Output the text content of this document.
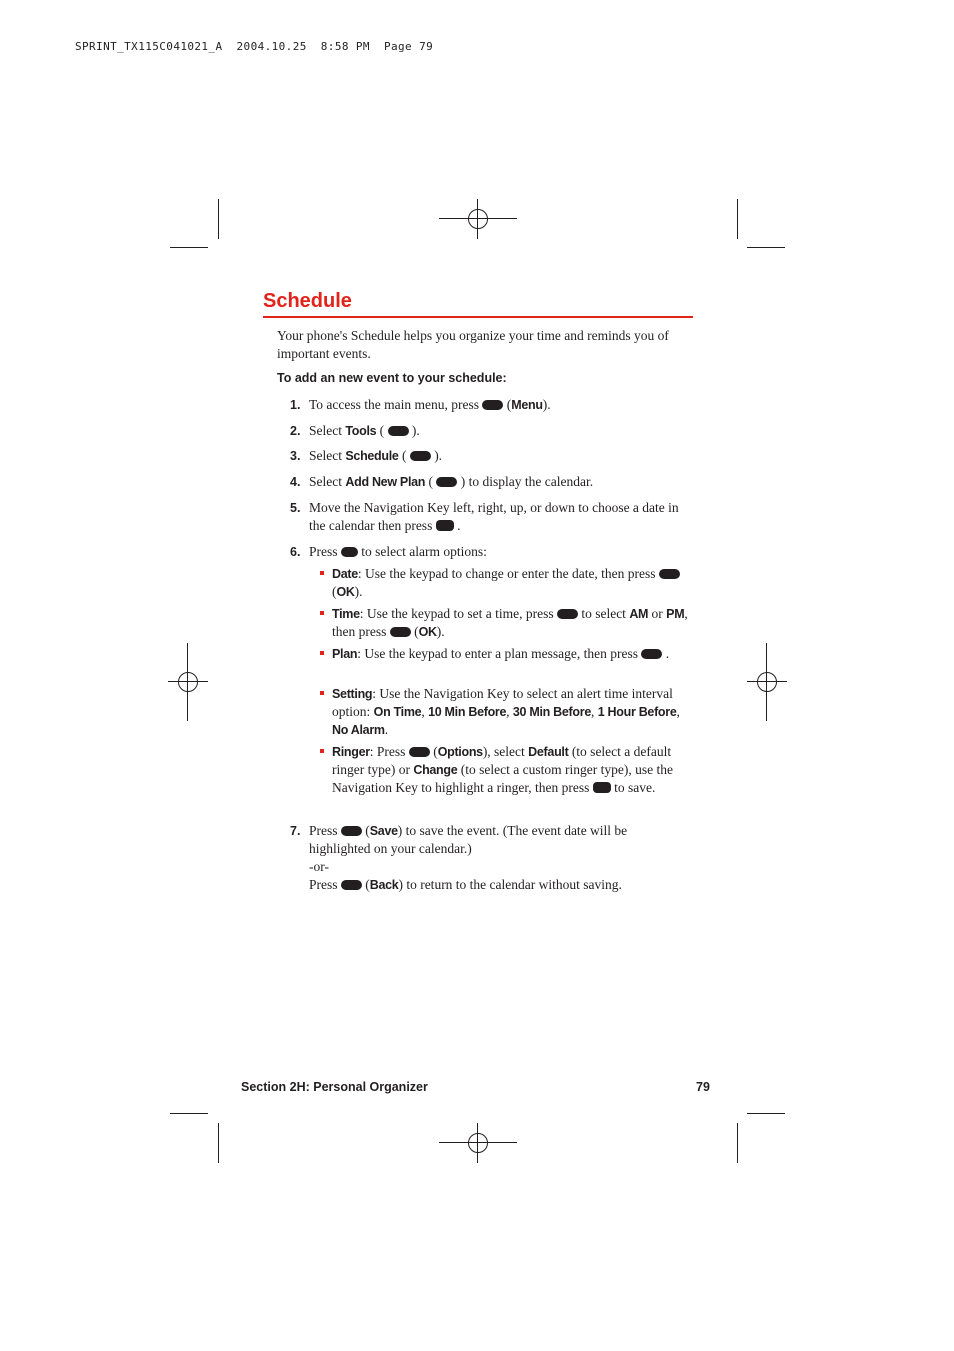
SPRINT_TX115C041021_A  2004.10.25  8:58 PM  Page 79
Schedule
Your phone's Schedule helps you organize your time and reminds you of important events.
To add an new event to your schedule:
1. To access the main menu, press  (Menu).
2. Select Tools (  ).
3. Select Schedule (  ).
4. Select Add New Plan (  ) to display the calendar.
5. Move the Navigation Key left, right, up, or down to choose a date in the calendar then press .
6. Press to select alarm options:
Date: Use the keypad to change or enter the date, then press  (OK).
Time: Use the keypad to set a time, press to select AM or PM, then press  (OK).
Plan: Use the keypad to enter a plan message, then press .
Setting: Use the Navigation Key to select an alert time interval option: On Time, 10 Min Before, 30 Min Before, 1 Hour Before, No Alarm.
Ringer: Press  (Options), select Default (to select a default ringer type) or Change (to select a custom ringer type), use the Navigation Key to highlight a ringer, then press to save.
7. Press  (Save) to save the event. (The event date will be highlighted on your calendar.)
-or-
Press  (Back) to return to the calendar without saving.
Section 2H: Personal Organizer	79
